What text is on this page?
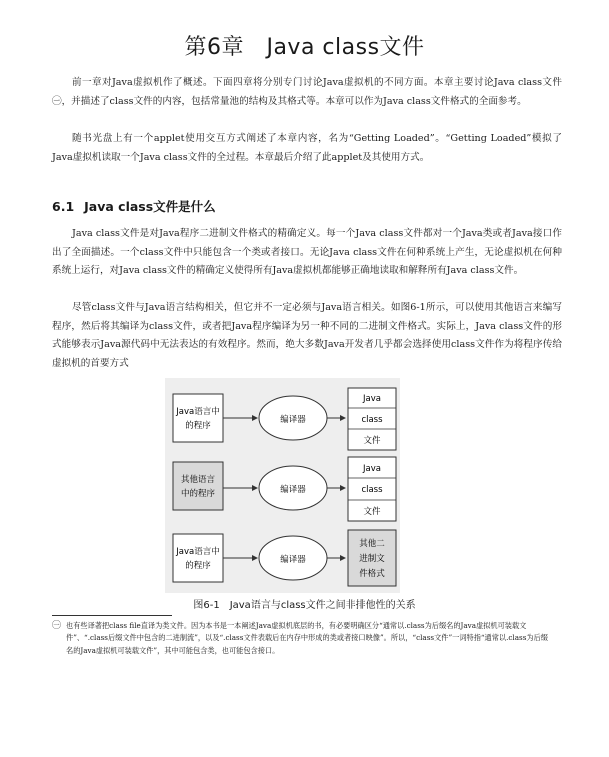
第6章　Java class文件

前一章对Java虚拟机作了概述。下面四章将分别专门讨论Java虚拟机的不同方面。本章主要讨论Java class文件㊀，并描述了class文件的内容，包括常量池的结构及其格式等。本章可以作为Java class文件格式的全面参考。

随书光盘上有一个applet使用交互方式阐述了本章内容，名为“Getting Loaded”。“Getting Loaded”模拟了Java虚拟机读取一个Java class文件的全过程。本章最后介绍了此applet及其使用方式。

6.1 Java class文件是什么

Java class文件是对Java程序二进制文件格式的精确定义。每一个Java class文件都对一个Java类或者Java接口作出了全面描述。一个class文件中只能包含一个类或者接口。无论Java class文件在何种系统上产生，无论虚拟机在何种系统上运行，对Java class文件的精确定义使得所有Java虚拟机都能够正确地读取和解释所有Java class文件。

尽管class文件与Java语言结构相关，但它并不一定必须与Java语言相关。如图6-1所示，可以使用其他语言来编写程序，然后将其编译为class文件，或者把Java程序编译为另一种不同的二进制文件格式。实际上，Java class文件的形式能够表示Java源代码中无法表达的有效程序。然而，绝大多数Java开发者几乎都会选择使用class文件作为将程序传给虚拟机的首要方式

Java语言中
的程序
编译器
Java
class
文件
其他语言
中的程序	编译器
Java
class
文件
Java语言中
的程序
编译器
其他二
进制文
件格式
图6-1　Java语言与class文件之间非排他性的关系
㊀ 也有些译著把class file直译为类文件。因为本书是一本阐述Java虚拟机底层的书，有必要明确区分“通常以.class为后缀名的Java虚拟机可装载文件”、“.class后缀文件中包含的二进制流”，以及“.class文件表载后在内存中形成的类或者接口映像”。所以，“class文件”一词特指“通常以.class为后缀名的Java虚拟机可装载文件”，其中可能包含类，也可能包含接口。
